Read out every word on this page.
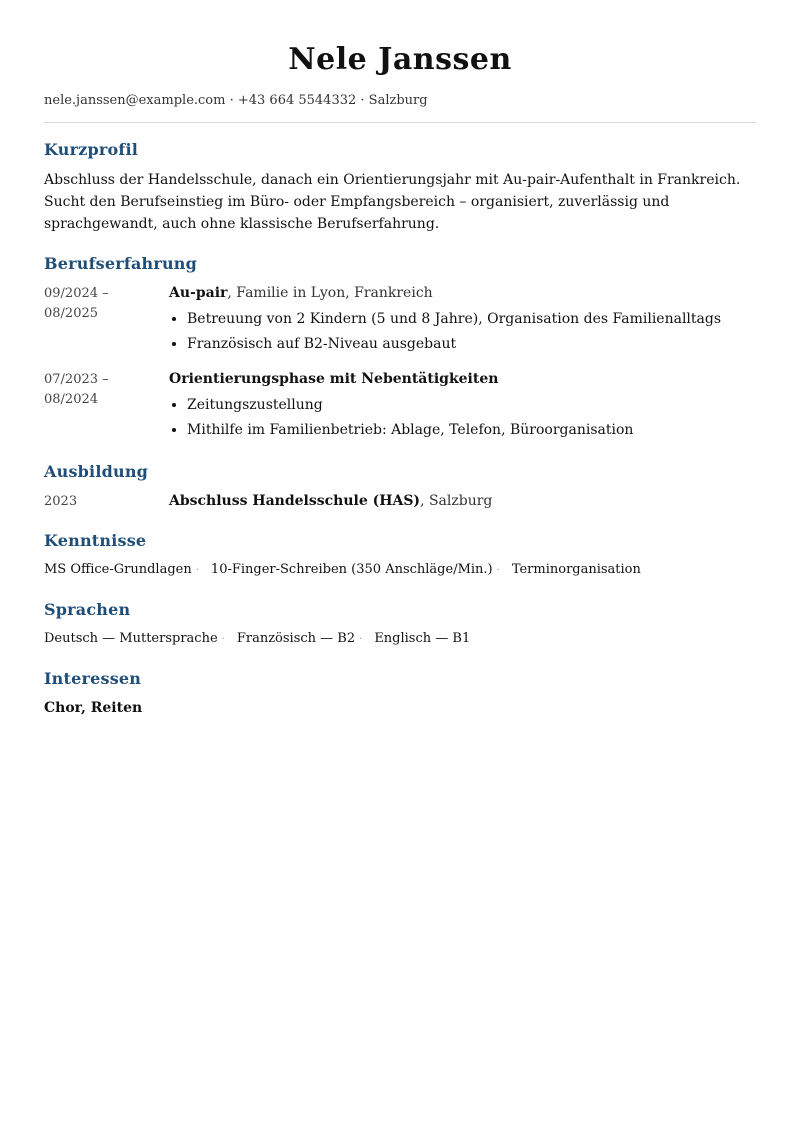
Nele Janssen
nele.janssen@example.com · +43 664 5544332 · Salzburg
Kurzprofil

Abschluss der Handelsschule, danach ein Orientierungsjahr mit Au-pair-Aufenthalt in Frankreich. Sucht den Berufseinstieg im Büro- oder Empfangsbereich – organisiert, zuverlässig und sprachgewandt, auch ohne klassische Berufserfahrung.

Berufserfahrung
09/2024 –
08/2025
Au-pair, Familie in Lyon, Frankreich
• Betreuung von 2 Kindern (5 und 8 Jahre), Organisation des Familienalltags
• Französisch auf B2-Niveau ausgebaut
07/2023 –
08/2024
Orientierungsphase mit Nebentätigkeiten
• Zeitungszustellung
• Mithilfe im Familienbetrieb: Ablage, Telefon, Büroorganisation
Ausbildung
2023	Abschluss Handelsschule (HAS), Salzburg
Kenntnisse
MS Office-Grundlagen · 10-Finger-Schreiben (350 Anschläge/Min.) · Terminorganisation
Sprachen
Deutsch — Muttersprache · Französisch — B2 · Englisch — B1
Interessen
Chor, Reiten
